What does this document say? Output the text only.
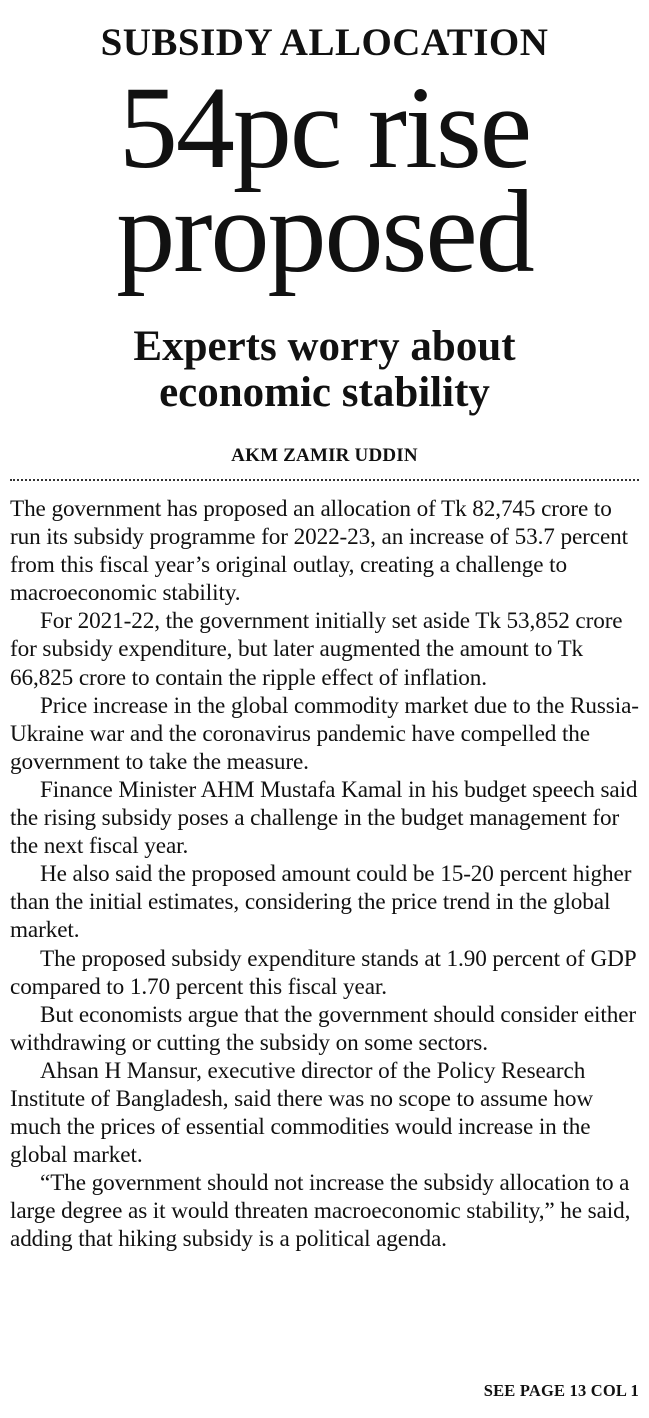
SUBSIDY ALLOCATION
54pc rise
proposed
Experts worry about
economic stability
AKM ZAMIR UDDIN

The government has proposed an allocation of Tk 82,745 crore to run its subsidy programme for 2022-23, an increase of 53.7 percent from this fiscal year’s original outlay, creating a challenge to macroeconomic stability.

For 2021-22, the government initially set aside Tk 53,852 crore for subsidy expenditure, but later augmented the amount to Tk 66,825 crore to contain the ripple effect of inflation.

Price increase in the global commodity market due to the Russia-Ukraine war and the coronavirus pandemic have compelled the government to take the measure.

Finance Minister AHM Mustafa Kamal in his budget speech said the rising subsidy poses a challenge in the budget management for the next fiscal year.

He also said the proposed amount could be 15-20 percent higher than the initial estimates, considering the price trend in the global market.

The proposed subsidy expenditure stands at 1.90 percent of GDP compared to 1.70 percent this fiscal year.

But economists argue that the government should consider either withdrawing or cutting the subsidy on some sectors.

Ahsan H Mansur, executive director of the Policy Research Institute of Bangladesh, said there was no scope to assume how much the prices of essential commodities would increase in the global market.

“The government should not increase the subsidy allocation to a large degree as it would threaten macroeconomic stability,” he said, adding that hiking subsidy is a political agenda.

SEE PAGE 13 COL 1
